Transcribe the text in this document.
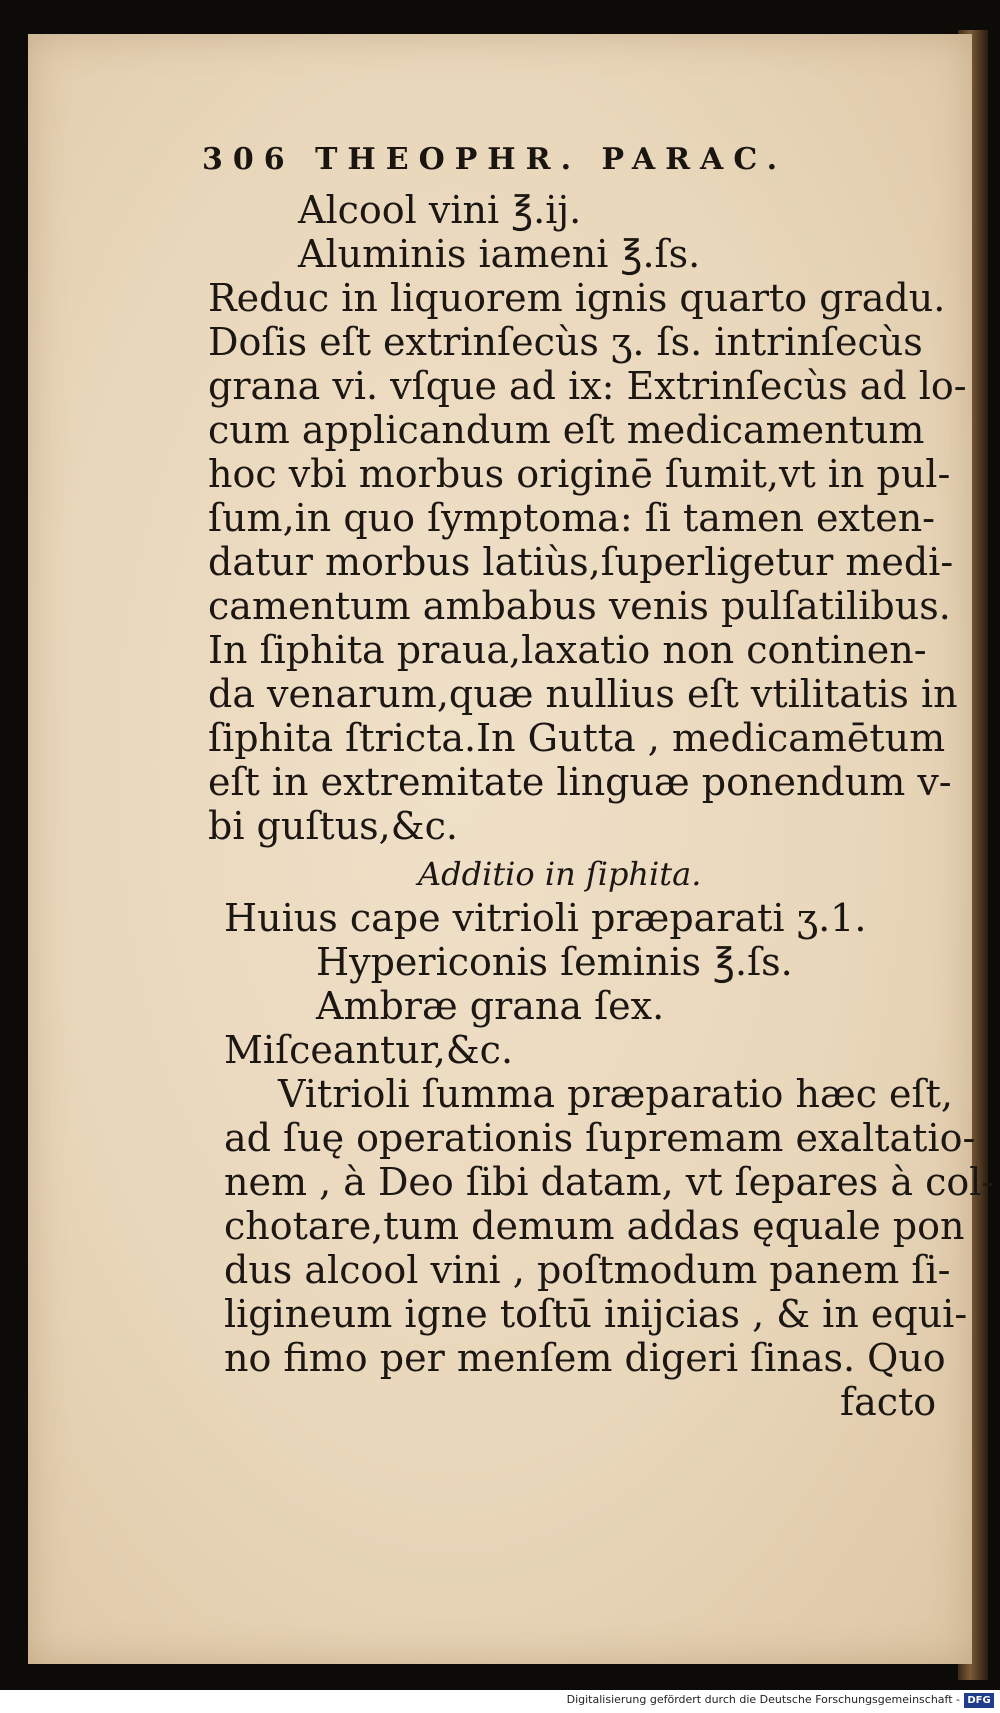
306 THEOPHR. PARAC.
Alcool vini ℥.ij.
Aluminis iameni ℥.ſs.
Reduc in liquorem ignis quarto gradu.
Doſis eſt extrinſecùs ʒ. ſs. intrinſecùs
grana vi. vſque ad ix: Extrinſecùs ad lo-
cum applicandum eſt medicamentum
hoc vbi morbus originē ſumit,vt in pul-
ſum,in quo ſymptoma: ſi tamen exten-
datur morbus latiùs,ſuperligetur medi-
camentum ambabus venis pulſatilibus.
In ſiphita praua,laxatio non continen-
da venarum,quæ nullius eſt vtilitatis in
ſiphita ſtricta.In Gutta , medicamētum
eſt in extremitate linguæ ponendum v-
bi guſtus,&c.
Additio in ſiphita.
Huius cape vitrioli præparati ʒ.1.
Hypericonis ſeminis ℥.ſs.
Ambræ grana ſex.
Miſceantur,&c.
Vitrioli ſumma præparatio hæc eſt,
ad ſuę operationis ſupremam exaltatio-
nem , à Deo ſibi datam, vt ſepares à col-
chotare,tum demum addas ęquale pon
dus alcool vini , poſtmodum panem ſi-
ligineum igne toſtū inijcias , & in equi-
no fimo per menſem digeri ſinas. Quo
facto
Digitalisierung gefördert durch die Deutsche Forschungsgemeinschaft - DFG
